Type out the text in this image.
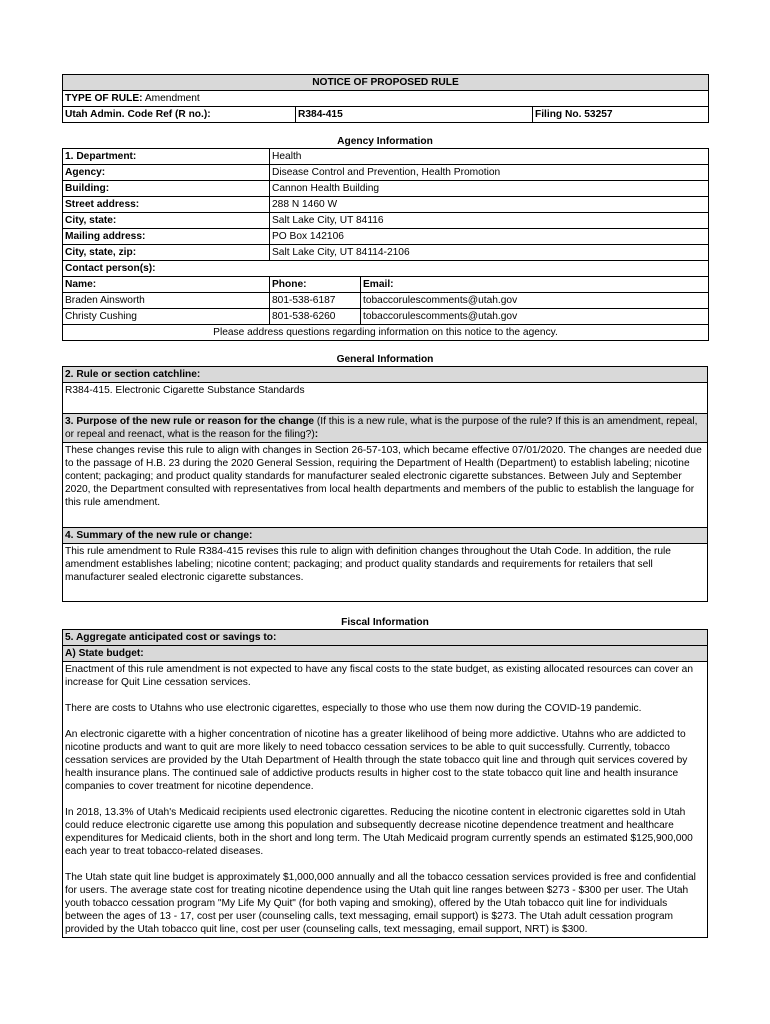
NOTICE OF PROPOSED RULE
TYPE OF RULE: Amendment
Utah Admin. Code Ref (R no.):	R384-415	Filing No. 53257
Agency Information
1. Department:	Health	
Agency:	Disease Control and Prevention, Health Promotion	
Building:	Cannon Health Building	
Street address:	288 N 1460 W	
City, state:	Salt Lake City, UT 84116	
Mailing address:	PO Box 142106	
City, state, zip:	Salt Lake City, UT 84114-2106	
Contact person(s):		
Name:	Phone:	Email:
Braden Ainsworth	801-538-6187	tobaccorulescomments@utah.gov
Christy Cushing	801-538-6260	tobaccorulescomments@utah.gov
Please address questions regarding information on this notice to the agency.		
General Information
2. Rule or section catchline:
R384-415. Electronic Cigarette Substance Standards
3. Purpose of the new rule or reason for the change (If this is a new rule, what is the purpose of the rule? If this is an amendment, repeal, or repeal and reenact, what is the reason for the filing?):
These changes revise this rule to align with changes in Section 26-57-103, which became effective 07/01/2020. The changes are needed due to the passage of H.B. 23 during the 2020 General Session, requiring the Department of Health (Department) to establish labeling; nicotine content; packaging; and product quality standards for manufacturer sealed electronic cigarette substances. Between July and September 2020, the Department consulted with representatives from local health departments and members of the public to establish the language for this rule amendment.
4. Summary of the new rule or change:
This rule amendment to Rule R384-415 revises this rule to align with definition changes throughout the Utah Code. In addition, the rule amendment establishes labeling; nicotine content; packaging; and product quality standards and requirements for retailers that sell manufacturer sealed electronic cigarette substances.
Fiscal Information
5. Aggregate anticipated cost or savings to:
A) State budget:

Enactment of this rule amendment is not expected to have any fiscal costs to the state budget, as existing allocated resources can cover an increase for Quit Line cessation services.

There are costs to Utahns who use electronic cigarettes, especially to those who use them now during the COVID-19 pandemic.

An electronic cigarette with a higher concentration of nicotine has a greater likelihood of being more addictive. Utahns who are addicted to nicotine products and want to quit are more likely to need tobacco cessation services to be able to quit successfully. Currently, tobacco cessation services are provided by the Utah Department of Health through the state tobacco quit line and through quit services covered by health insurance plans. The continued sale of addictive products results in higher cost to the state tobacco quit line and health insurance companies to cover treatment for nicotine dependence.

In 2018, 13.3% of Utah's Medicaid recipients used electronic cigarettes. Reducing the nicotine content in electronic cigarettes sold in Utah could reduce electronic cigarette use among this population and subsequently decrease nicotine dependence treatment and healthcare expenditures for Medicaid clients, both in the short and long term. The Utah Medicaid program currently spends an estimated $125,900,000 each year to treat tobacco-related diseases.

The Utah state quit line budget is approximately $1,000,000 annually and all the tobacco cessation services provided is free and confidential for users. The average state cost for treating nicotine dependence using the Utah quit line ranges between $273 - $300 per user. The Utah youth tobacco cessation program "My Life My Quit" (for both vaping and smoking), offered by the Utah tobacco quit line for individuals between the ages of 13 - 17, cost per user (counseling calls, text messaging, email support) is $273. The Utah adult cessation program provided by the Utah tobacco quit line, cost per user (counseling calls, text messaging, email support, NRT) is $300.
